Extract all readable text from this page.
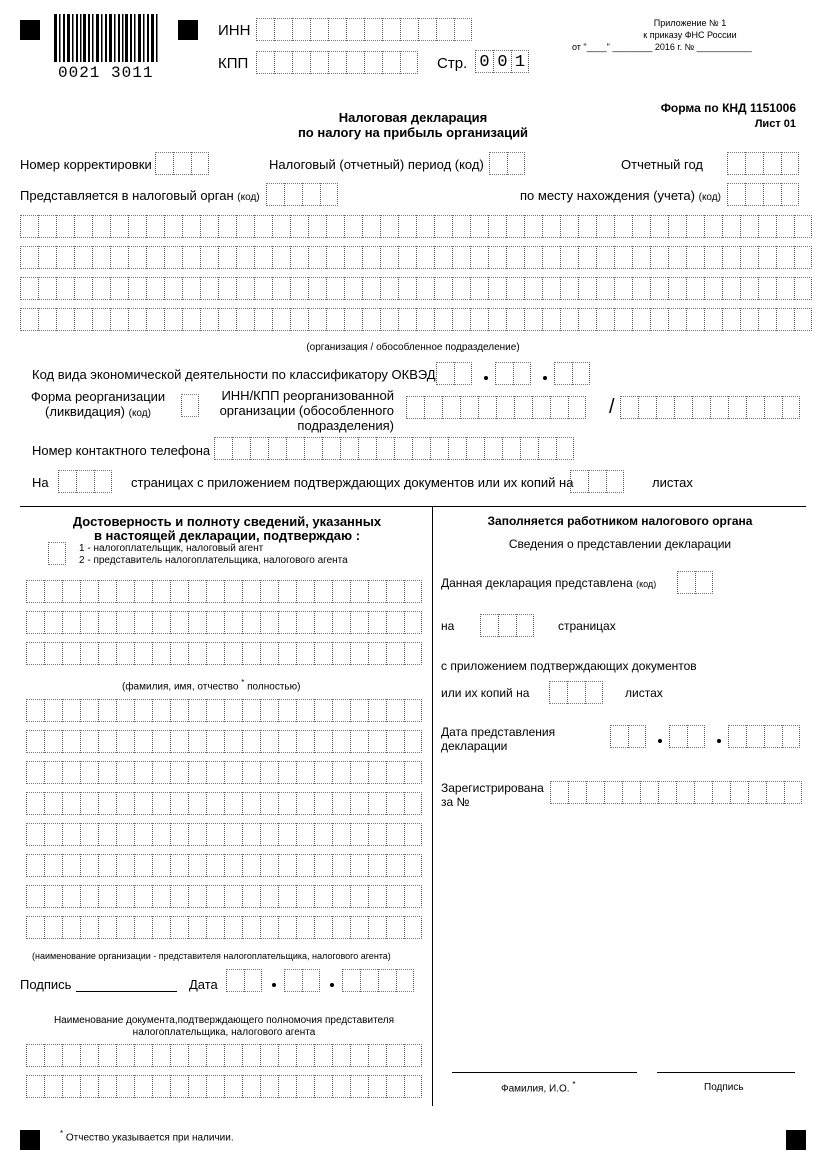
0021 3011
ИНН
КПП	Стр. 0 0 1
Приложение № 1
к приказу ФНС России
от "____" ________ 2016 г. № ___________
Налоговая декларация
по налогу на прибыль организаций
Форма по КНД 1151006
Лист 01
Номер корректировки	Налоговый (отчетный) период (код)	Отчетный год
Представляется в налоговый орган (код)	по месту нахождения (учета) (код)
(организация / обособленное подразделение)
Код вида экономической деятельности по классификатору ОКВЭД
Форма реорганизации
(ликвидация) (код)
ИНН/КПП реорганизованной
организации (обособленного
подразделения)
/
Номер контактного телефона
На	страницах с приложением подтверждающих документов или их копий на	листах
Достоверность и полноту сведений, указанных
в настоящей декларации, подтверждаю :
1 - налогоплательщик, налоговый агент
2 - представитель налогоплательщика, налогового агента
(фамилия, имя, отчество * полностью)
(наименование организации - представителя налогоплательщика, налогового агента)
Подпись	Дата
Наименование документа,подтверждающего полномочия представителя
налогоплательщика, налогового агента
Заполняется работником налогового органа
Сведения о представлении декларации
Данная декларация представлена (код)
на	страницах
с приложением подтверждающих документов
или их копий на	листах
Дата представления
декларации
Зарегистрирована
за №
Фамилия, И.О. *	Подпись
* Отчество указывается при наличии.
